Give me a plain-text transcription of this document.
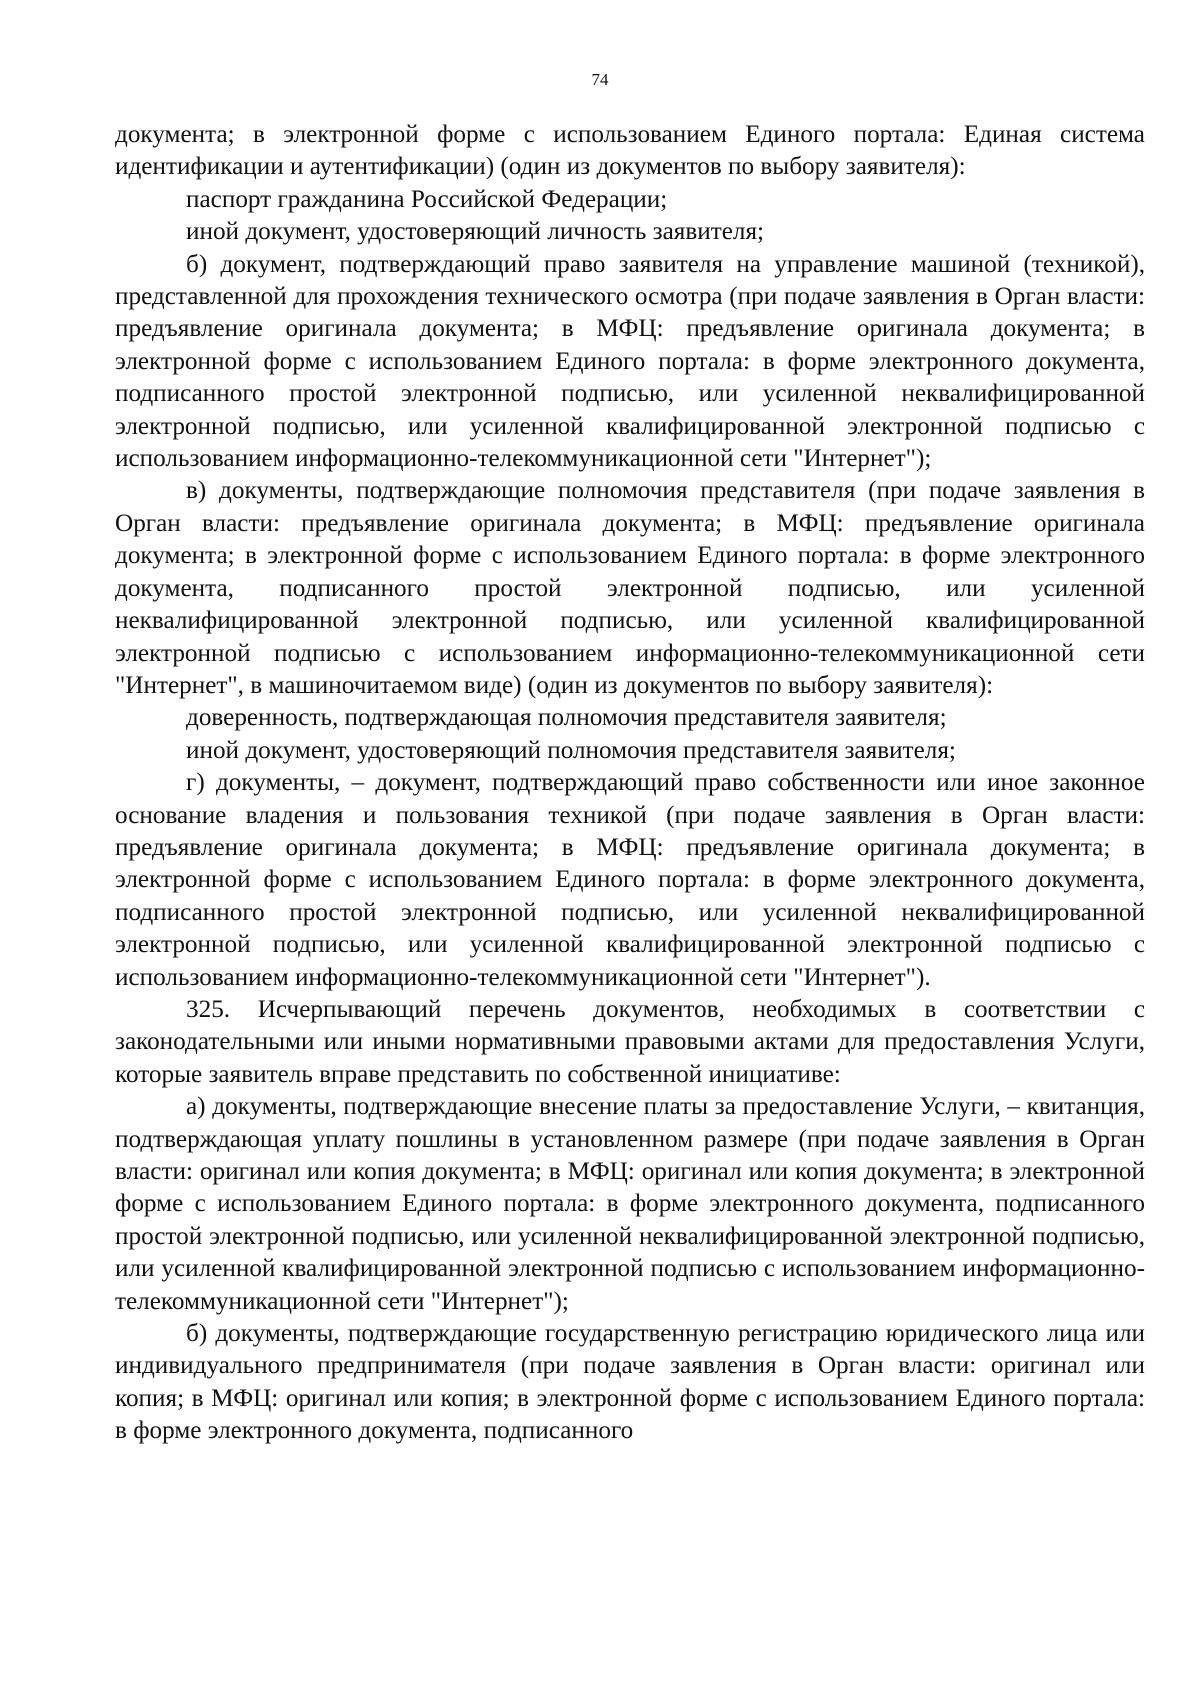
74

документа; в электронной форме с использованием Единого портала: Единая система идентификации и аутентификации) (один из документов по выбору заявителя):

паспорт гражданина Российской Федерации;

иной документ, удостоверяющий личность заявителя;

б) документ, подтверждающий право заявителя на управление машиной (техникой), представленной для прохождения технического осмотра (при подаче заявления в Орган власти: предъявление оригинала документа; в МФЦ: предъявление оригинала документа; в электронной форме с использованием Единого портала: в форме электронного документа, подписанного простой электронной подписью, или усиленной неквалифицированной электронной подписью, или усиленной квалифицированной электронной подписью с использованием информационно-телекоммуникационной сети "Интернет");

в) документы, подтверждающие полномочия представителя (при подаче заявления в Орган власти: предъявление оригинала документа; в МФЦ: предъявление оригинала документа; в электронной форме с использованием Единого портала: в форме электронного документа, подписанного простой электронной подписью, или усиленной неквалифицированной электронной подписью, или усиленной квалифицированной электронной подписью с использованием информационно-телекоммуникационной сети "Интернет", в машиночитаемом виде) (один из документов по выбору заявителя):

доверенность, подтверждающая полномочия представителя заявителя;

иной документ, удостоверяющий полномочия представителя заявителя;

г) документы, – документ, подтверждающий право собственности или иное законное основание владения и пользования техникой (при подаче заявления в Орган власти: предъявление оригинала документа; в МФЦ: предъявление оригинала документа; в электронной форме с использованием Единого портала: в форме электронного документа, подписанного простой электронной подписью, или усиленной неквалифицированной электронной подписью, или усиленной квалифицированной электронной подписью с использованием информационно-телекоммуникационной сети "Интернет").

325. Исчерпывающий перечень документов, необходимых в соответствии с законодательными или иными нормативными правовыми актами для предоставления Услуги, которые заявитель вправе представить по собственной инициативе:

а) документы, подтверждающие внесение платы за предоставление Услуги, – квитанция, подтверждающая уплату пошлины в установленном размере (при подаче заявления в Орган власти: оригинал или копия документа; в МФЦ: оригинал или копия документа; в электронной форме с использованием Единого портала: в форме электронного документа, подписанного простой электронной подписью, или усиленной неквалифицированной электронной подписью, или усиленной квалифицированной электронной подписью с использованием информационно-телекоммуникационной сети "Интернет");

б) документы, подтверждающие государственную регистрацию юридического лица или индивидуального предпринимателя (при подаче заявления в Орган власти: оригинал или копия; в МФЦ: оригинал или копия; в электронной форме с использованием Единого портала: в форме электронного документа, подписанного
